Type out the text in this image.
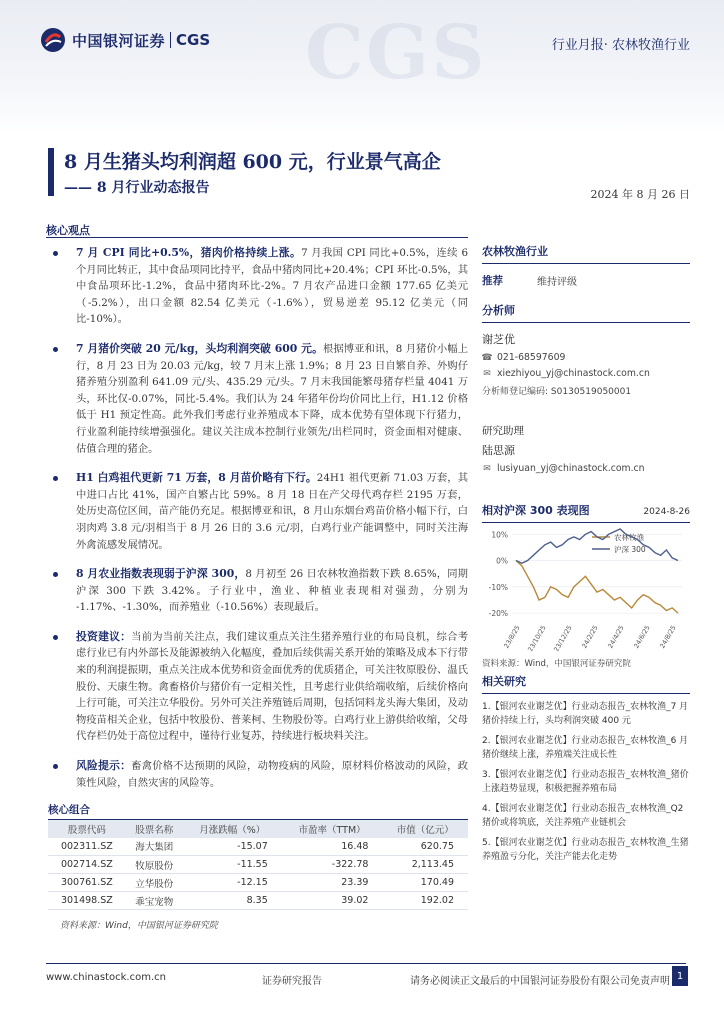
CGS
中国银河证券 CGS	行业月报· 农林牧渔行业
8 月生猪头均利润超 600 元，行业景气高企
—— 8 月行业动态报告	2024 年 8 月 26 日
核心观点
7 月 CPI 同比+0.5%，猪肉价格持续上涨。7 月我国 CPI 同比+0.5%，连续 6 个月同比转正，其中食品项同比持平，食品中猪肉同比+20.4%；CPI 环比-0.5%，其中食品项环比-1.2%，食品中猪肉环比-2%。7 月农产品进口金额 177.65 亿美元（-5.2%），出口金额 82.54 亿美元（-1.6%），贸易逆差 95.12 亿美元（同比-10%）。
7 月猪价突破 20 元/kg，头均利润突破 600 元。根据博亚和讯，8 月猪价小幅上行，8 月 23 日为 20.03 元/kg，较 7 月末上涨 1.9%；8 月 23 日自繁自养、外购仔猪养殖分别盈利 641.09 元/头、435.29 元/头。7 月末我国能繁母猪存栏量 4041 万头，环比仅-0.07%，同比-5.4%。我们认为 24 年猪年份均价同比上行，H1.12 价格低于 H1 预定性高。此外我们考虑行业养殖成本下降，成本优势有望体现下行猪力，行业盈利能持续增强强化。建议关注成本控制行业领先/出栏同时，资金面相对健康、估值合理的猪企。
H1 白鸡祖代更新 71 万套，8 月苗价略有下行。24H1 祖代更新 71.03 万套，其中进口占比 41%，国产自繁占比 59%。8 月 18 日在产父母代鸡存栏 2195 万套，处历史高位区间，苗产能仍充足。根据博亚和讯，8 月山东烟台鸡苗价格小幅下行，白羽肉鸡 3.8 元/羽相当于 8 月 26 日的 3.6 元/羽，白鸡行业产能调整中，同时关注海外禽流感发展情况。
8 月农业指数表现弱于沪深 300，8 月初至 26 日农林牧渔指数下跌 8.65%，同期沪深 300 下跌 3.42%。子行业中，渔业、种植业表现相对强劲，分别为 -1.17%、-1.30%，而养殖业（-10.56%）表现最后。
投资建议：当前为当前关注点，我们建议重点关注生猪养殖行业的布局良机，综合考虑行业已有内外部长及能源被纳入化幅度，叠加后续供需关系开始的策略及成本下行带来的利润提振期，重点关注成本优势和资金面优秀的优质猪企，可关注牧原股份、温氏股份、天康生物。禽畜格价与猪价有一定相关性，且考虑行业供给端收缩，后续价格向上行可能，可关注立华股份。另外可关注养殖链后周期，包括饲料龙头海大集团，及动物疫苗相关企业，包括中牧股份、普莱柯、生物股份等。白鸡行业上游供给收缩，父母代存栏仍处于高位过程中，谨待行业复苏，持续进行板块料关注。
风险提示：畜禽价格不达预期的风险，动物疫病的风险，原材料价格波动的风险，政策性风险，自然灾害的风险等。
农林牧渔行业
推荐	维持评级
分析师
谢芝优
☎ 021-68597609
✉ xiezhiyou_yj@chinastock.com.cn
分析师登记编码: S0130519050001
研究助理
陆思源
✉ lusiyuan_yj@chinastock.com.cn
相对沪深 300 表现图	2024-8-26
10%
0%
-10%
-20%
23/8/25 23/10/25 23/12/25 24/2/25 24/4/25 24/6/25 24/8/25
农林牧渔
沪深 300
资料来源：Wind，中国银河证券研究院
相关研究
1.【银河农业谢芝优】行业动态报告_农林牧渔_7 月猪价持续上行，头均利润突破 400 元
2.【银河农业谢芝优】行业动态报告_农林牧渔_6 月猪价继续上涨，养殖端关注成长性
3.【银河农业谢芝优】行业动态报告_农林牧渔_猪价上涨趋势显现，积极把握养殖布局
4.【银河农业谢芝优】行业动态报告_农林牧渔_Q2 猪价或将筑底，关注养殖产业链机会
5.【银河农业谢芝优】行业动态报告_农林牧渔_生猪养殖盈亏分化，关注产能去化走势
核心组合
股票代码	股票名称	月涨跌幅（%）	市盈率（TTM）	市值（亿元）
002311.SZ	海大集团	-15.07	16.48	620.75
002714.SZ	牧原股份	-11.55	-322.78	2,113.45
300761.SZ	立华股份	-12.15	23.39	170.49
301498.SZ	乖宝宠物	8.35	39.02	192.02
资料来源：Wind，中国银河证券研究院
www.chinastock.com.cn	证券研究报告	请务必阅读正文最后的中国银河证券股份有限公司免责声明 1
